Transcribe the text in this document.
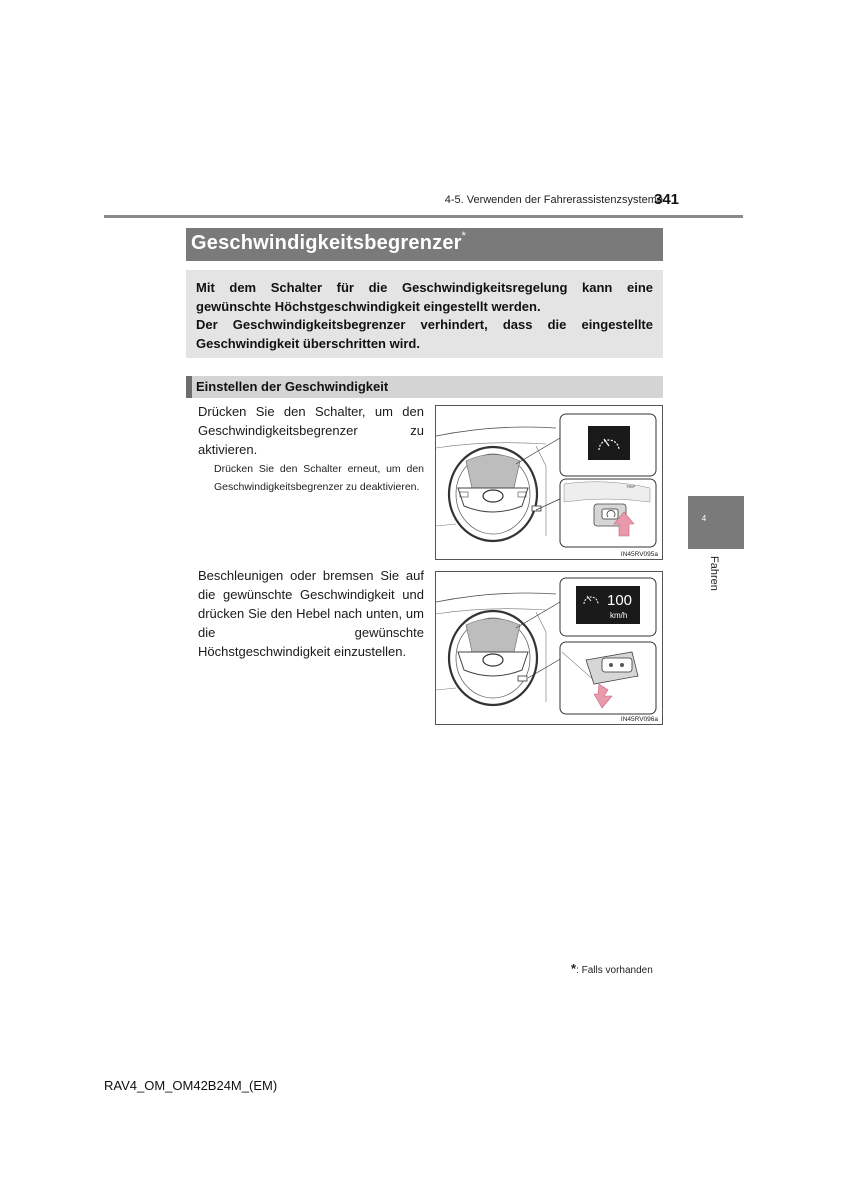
4-5. Verwenden der Fahrerassistenzsysteme
341
Geschwindigkeitsbegrenzer*

Mit dem Schalter für die Geschwindigkeitsregelung kann eine gewünschte Höchstgeschwindigkeit eingestellt werden.

Der Geschwindigkeitsbegrenzer verhindert, dass die eingestellte Geschwindigkeit überschritten wird.

Einstellen der Geschwindigkeit
Drücken Sie den Schalter, um den Geschwindigkeitsbegrenzer zu aktivieren.
Drücken Sie den Schalter erneut, um den Geschwindigkeitsbegrenzer zu deaktivieren.	TRIP
IN45RV095a
Beschleunigen oder bremsen Sie auf die gewünschte Geschwindigkeit und drücken Sie den Hebel nach unten, um die gewünschte Höchstgeschwindigkeit einzustellen.
100
km/h
IN45RV096a
4
Fahren
*: Falls vorhanden
RAV4_OM_OM42B24M_(EM)
